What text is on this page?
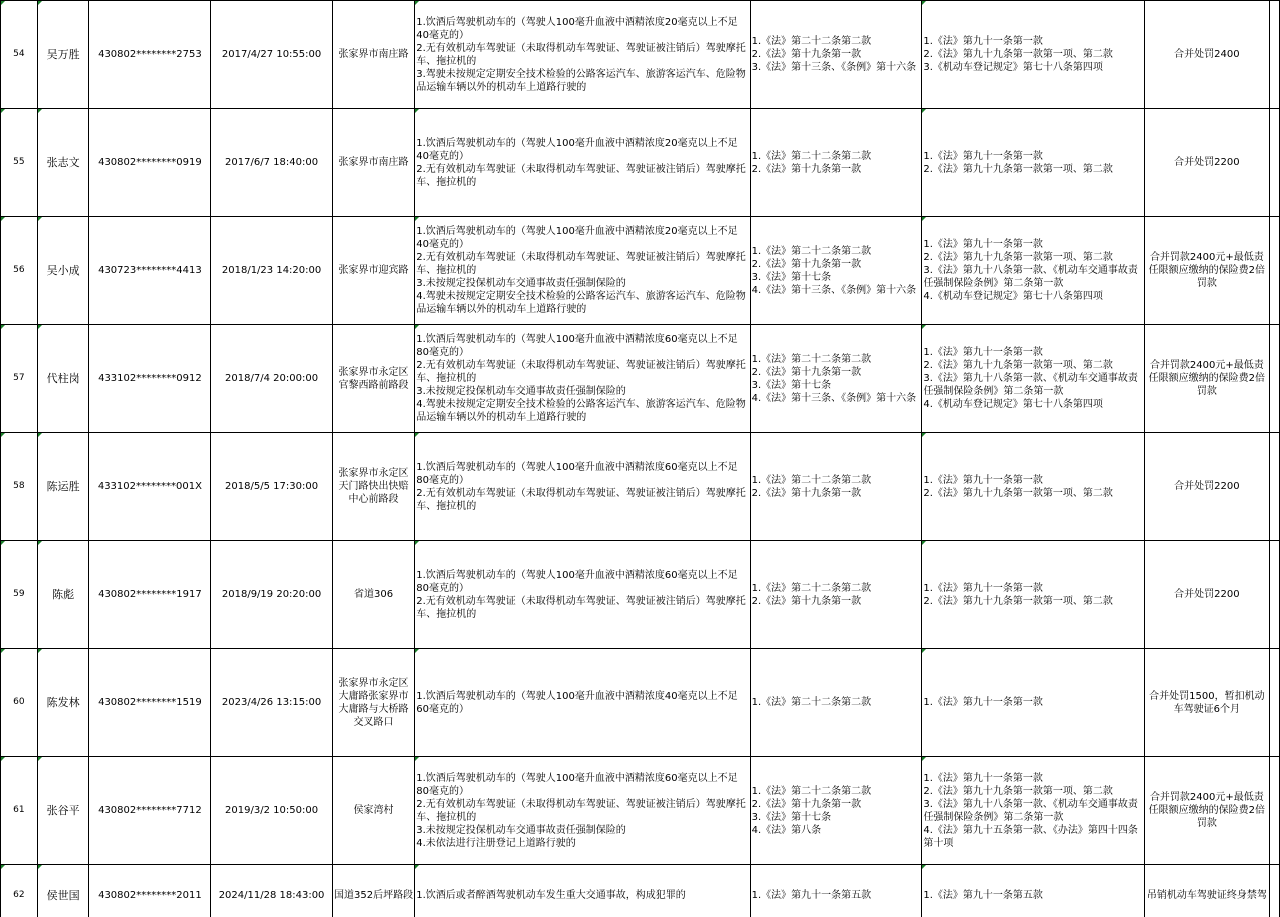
54	吴万胜	430802********2753	2017/4/27 10:55:00	张家界市南庄路	1.饮酒后驾驶机动车的（驾驶人100毫升血液中酒精浓度20毫克以上不足40毫克的）
2.无有效机动车驾驶证（未取得机动车驾驶证、驾驶证被注销后）驾驶摩托车、拖拉机的
3.驾驶未按规定定期安全技术检验的公路客运汽车、旅游客运汽车、危险物品运输车辆以外的机动车上道路行驶的	1.《法》第二十二条第二款
2.《法》第十九条第一款
3.《法》第十三条、《条例》第十六条	1.《法》第九十一条第一款
2.《法》第九十九条第一款第一项、第二款
3.《机动车登记规定》第七十八条第四项	合并处罚2400	

55	张志文	430802********0919	2017/6/7 18:40:00	张家界市南庄路	1.饮酒后驾驶机动车的（驾驶人100毫升血液中酒精浓度20毫克以上不足40毫克的）
2.无有效机动车驾驶证（未取得机动车驾驶证、驾驶证被注销后）驾驶摩托车、拖拉机的	1.《法》第二十二条第二款
2.《法》第十九条第一款	1.《法》第九十一条第一款
2.《法》第九十九条第一款第一项、第二款	合并处罚2200	

56	吴小成	430723********4413	2018/1/23 14:20:00	张家界市迎宾路	1.饮酒后驾驶机动车的（驾驶人100毫升血液中酒精浓度20毫克以上不足40毫克的）
2.无有效机动车驾驶证（未取得机动车驾驶证、驾驶证被注销后）驾驶摩托车、拖拉机的
3.未按规定投保机动车交通事故责任强制保险的
4.驾驶未按规定定期安全技术检验的公路客运汽车、旅游客运汽车、危险物品运输车辆以外的机动车上道路行驶的	1.《法》第二十二条第二款
2.《法》第十九条第一款
3.《法》第十七条
4.《法》第十三条、《条例》第十六条	1.《法》第九十一条第一款
2.《法》第九十九条第一款第一项、第二款
3.《法》第九十八条第一款、《机动车交通事故责任强制保险条例》第二条第一款
4.《机动车登记规定》第七十八条第四项	合并罚款2400元+最低责任限额应缴纳的保险费2倍罚款	

57	代柱岗	433102********0912	2018/7/4 20:00:00	张家界市永定区官黎西路前路段	1.饮酒后驾驶机动车的（驾驶人100毫升血液中酒精浓度60毫克以上不足80毫克的）
2.无有效机动车驾驶证（未取得机动车驾驶证、驾驶证被注销后）驾驶摩托车、拖拉机的
3.未按规定投保机动车交通事故责任强制保险的
4.驾驶未按规定定期安全技术检验的公路客运汽车、旅游客运汽车、危险物品运输车辆以外的机动车上道路行驶的	1.《法》第二十二条第二款
2.《法》第十九条第一款
3.《法》第十七条
4.《法》第十三条、《条例》第十六条	1.《法》第九十一条第一款
2.《法》第九十九条第一款第一项、第二款
3.《法》第九十八条第一款、《机动车交通事故责任强制保险条例》第二条第一款
4.《机动车登记规定》第七十八条第四项	合并罚款2400元+最低责任限额应缴纳的保险费2倍罚款	

58	陈运胜	433102********001X	2018/5/5 17:30:00	张家界市永定区天门路快出快赔中心前路段	1.饮酒后驾驶机动车的（驾驶人100毫升血液中酒精浓度60毫克以上不足80毫克的）
2.无有效机动车驾驶证（未取得机动车驾驶证、驾驶证被注销后）驾驶摩托车、拖拉机的	1.《法》第二十二条第二款
2.《法》第十九条第一款	1.《法》第九十一条第一款
2.《法》第九十九条第一款第一项、第二款	合并处罚2200	

59	陈彪	430802********1917	2018/9/19 20:20:00	省道306	1.饮酒后驾驶机动车的（驾驶人100毫升血液中酒精浓度60毫克以上不足80毫克的）
2.无有效机动车驾驶证（未取得机动车驾驶证、驾驶证被注销后）驾驶摩托车、拖拉机的	1.《法》第二十二条第二款
2.《法》第十九条第一款	1.《法》第九十一条第一款
2.《法》第九十九条第一款第一项、第二款	合并处罚2200	

60	陈发林	430802********1519	2023/4/26 13:15:00	张家界市永定区大庸路张家界市大庸路与大桥路交叉路口	1.饮酒后驾驶机动车的（驾驶人100毫升血液中酒精浓度40毫克以上不足60毫克的）	1.《法》第二十二条第二款	1.《法》第九十一条第一款	合并处罚1500，暂扣机动车驾驶证6个月	

61	张谷平	430802********7712	2019/3/2 10:50:00	侯家湾村	1.饮酒后驾驶机动车的（驾驶人100毫升血液中酒精浓度60毫克以上不足80毫克的）
2.无有效机动车驾驶证（未取得机动车驾驶证、驾驶证被注销后）驾驶摩托车、拖拉机的
3.未按规定投保机动车交通事故责任强制保险的
4.未依法进行注册登记上道路行驶的	1.《法》第二十二条第二款
2.《法》第十九条第一款
3.《法》第十七条
4.《法》第八条	1.《法》第九十一条第一款
2.《法》第九十九条第一款第一项、第二款
3.《法》第九十八条第一款、《机动车交通事故责任强制保险条例》第二条第一款
4.《法》第九十五条第一款、《办法》第四十四条第十项	合并罚款2400元+最低责任限额应缴纳的保险费2倍罚款	

62	侯世国	430802********2011	2024/11/28 18:43:00	国道352后坪路段	1.饮酒后或者醉酒驾驶机动车发生重大交通事故，构成犯罪的	1.《法》第九十一条第五款	1.《法》第九十一条第五款	吊销机动车驾驶证终身禁驾	
